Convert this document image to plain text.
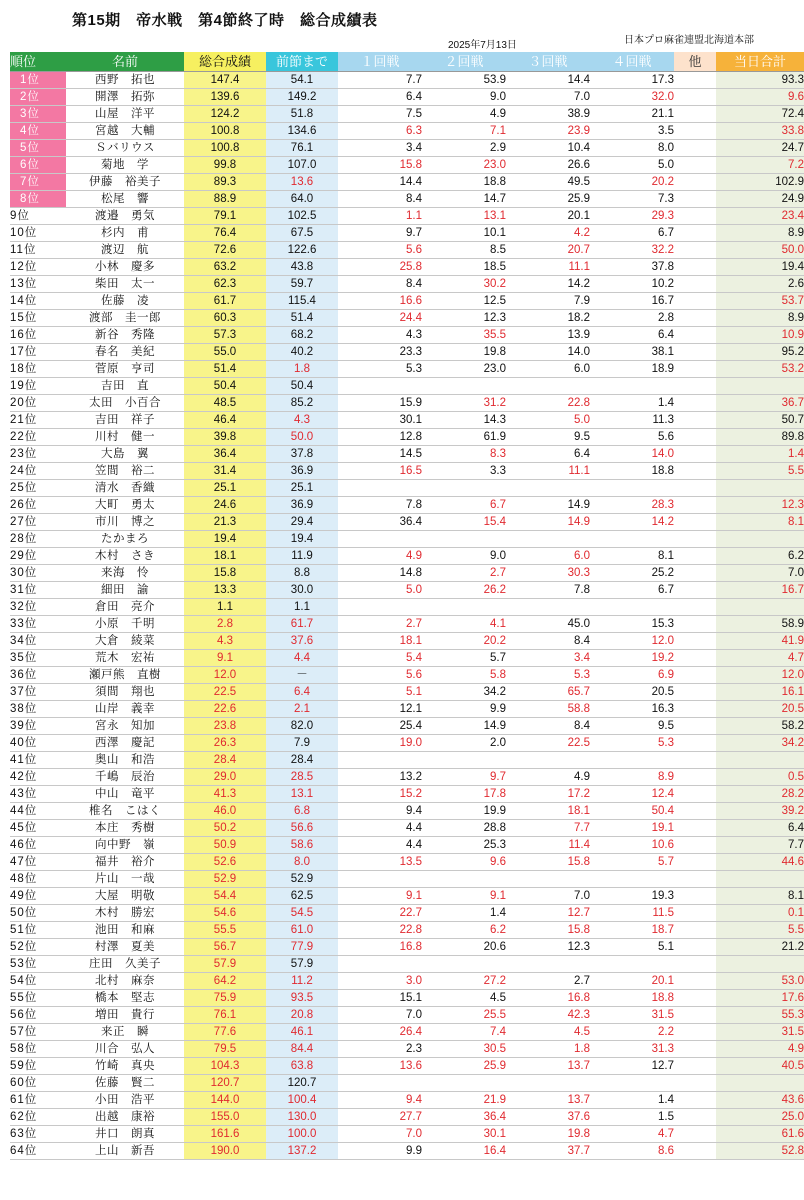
第15期　帝水戦　第4節終了時　総合成績表
2025年7月13日	日本プロ麻雀連盟北海道本部
順位	名前	総合成績	前節まで	１回戦	２回戦	３回戦	４回戦	他	当日合計
1位	西野　拓也	147.4	54.1	7.7	53.9	14.4	17.3		93.3
2位	開澤　拓弥	139.6	149.2	6.4	9.0	7.0	32.0		9.6
3位	山屋　洋平	124.2	51.8	7.5	4.9	38.9	21.1		72.4
4位	宮越　大輔	100.8	134.6	6.3	7.1	23.9	3.5		33.8
5位	Ｓバリウス	100.8	76.1	3.4	2.9	10.4	8.0		24.7
6位	菊地　学	99.8	107.0	15.8	23.0	26.6	5.0		7.2
7位	伊藤　裕美子	89.3	13.6	14.4	18.8	49.5	20.2		102.9
8位	松尾　響	88.9	64.0	8.4	14.7	25.9	7.3		24.9
9位	渡邉　勇気	79.1	102.5	1.1	13.1	20.1	29.3		23.4
10位	杉内　甫	76.4	67.5	9.7	10.1	4.2	6.7		8.9
11位	渡辺　航	72.6	122.6	5.6	8.5	20.7	32.2		50.0
12位	小林　慶多	63.2	43.8	25.8	18.5	11.1	37.8		19.4
13位	柴田　太一	62.3	59.7	8.4	30.2	14.2	10.2		2.6
14位	佐藤　凌	61.7	115.4	16.6	12.5	7.9	16.7		53.7
15位	渡部　圭一郎	60.3	51.4	24.4	12.3	18.2	2.8		8.9
16位	新谷　秀隆	57.3	68.2	4.3	35.5	13.9	6.4		10.9
17位	春名　美紀	55.0	40.2	23.3	19.8	14.0	38.1		95.2
18位	菅原　亨司	51.4	1.8	5.3	23.0	6.0	18.9		53.2
19位	吉田　直	50.4	50.4						
20位	太田　小百合	48.5	85.2	15.9	31.2	22.8	1.4		36.7
21位	吉田　祥子	46.4	4.3	30.1	14.3	5.0	11.3		50.7
22位	川村　健一	39.8	50.0	12.8	61.9	9.5	5.6		89.8
23位	大島　翼	36.4	37.8	14.5	8.3	6.4	14.0		1.4
24位	笠間　裕二	31.4	36.9	16.5	3.3	11.1	18.8		5.5
25位	清水　香織	25.1	25.1						
26位	大町　勇太	24.6	36.9	7.8	6.7	14.9	28.3		12.3
27位	市川　博之	21.3	29.4	36.4	15.4	14.9	14.2		8.1
28位	たかまろ	19.4	19.4						
29位	木村　さき	18.1	11.9	4.9	9.0	6.0	8.1		6.2
30位	来海　怜	15.8	8.8	14.8	2.7	30.3	25.2		7.0
31位	細田　諭	13.3	30.0	5.0	26.2	7.8	6.7		16.7
32位	倉田　亮介	1.1	1.1						
33位	小原　千明	2.8	61.7	2.7	4.1	45.0	15.3		58.9
34位	大倉　綾菜	4.3	37.6	18.1	20.2	8.4	12.0		41.9
35位	荒木　宏祐	9.1	4.4	5.4	5.7	3.4	19.2		4.7
36位	瀬戸熊　直樹	12.0	－	5.6	5.8	5.3	6.9		12.0
37位	須間　翔也	22.5	6.4	5.1	34.2	65.7	20.5		16.1
38位	山岸　義幸	22.6	2.1	12.1	9.9	58.8	16.3		20.5
39位	宮永　知加	23.8	82.0	25.4	14.9	8.4	9.5		58.2
40位	西澤　慶記	26.3	7.9	19.0	2.0	22.5	5.3		34.2
41位	奥山　和浩	28.4	28.4						
42位	千嶋　辰治	29.0	28.5	13.2	9.7	4.9	8.9		0.5
43位	中山　竜平	41.3	13.1	15.2	17.8	17.2	12.4		28.2
44位	椎名　こはく	46.0	6.8	9.4	19.9	18.1	50.4		39.2
45位	本庄　秀樹	50.2	56.6	4.4	28.8	7.7	19.1		6.4
46位	向中野　嶺	50.9	58.6	4.4	25.3	11.4	10.6		7.7
47位	福井　裕介	52.6	8.0	13.5	9.6	15.8	5.7		44.6
48位	片山　一哉	52.9	52.9						
49位	大屋　明敬	54.4	62.5	9.1	9.1	7.0	19.3		8.1
50位	木村　勝宏	54.6	54.5	22.7	1.4	12.7	11.5		0.1
51位	池田　和麻	55.5	61.0	22.8	6.2	15.8	18.7		5.5
52位	村澤　夏美	56.7	77.9	16.8	20.6	12.3	5.1		21.2
53位	庄田　久美子	57.9	57.9						
54位	北村　麻奈	64.2	11.2	3.0	27.2	2.7	20.1		53.0
55位	橋本　堅志	75.9	93.5	15.1	4.5	16.8	18.8		17.6
56位	増田　貴行	76.1	20.8	7.0	25.5	42.3	31.5		55.3
57位	来正　瞬	77.6	46.1	26.4	7.4	4.5	2.2		31.5
58位	川合　弘人	79.5	84.4	2.3	30.5	1.8	31.3		4.9
59位	竹崎　真央	104.3	63.8	13.6	25.9	13.7	12.7		40.5
60位	佐藤　賢二	120.7	120.7						
61位	小田　浩平	144.0	100.4	9.4	21.9	13.7	1.4		43.6
62位	出越　康裕	155.0	130.0	27.7	36.4	37.6	1.5		25.0
63位	井口　朗真	161.6	100.0	7.0	30.1	19.8	4.7		61.6
64位	上山　新吾	190.0	137.2	9.9	16.4	37.7	8.6		52.8
